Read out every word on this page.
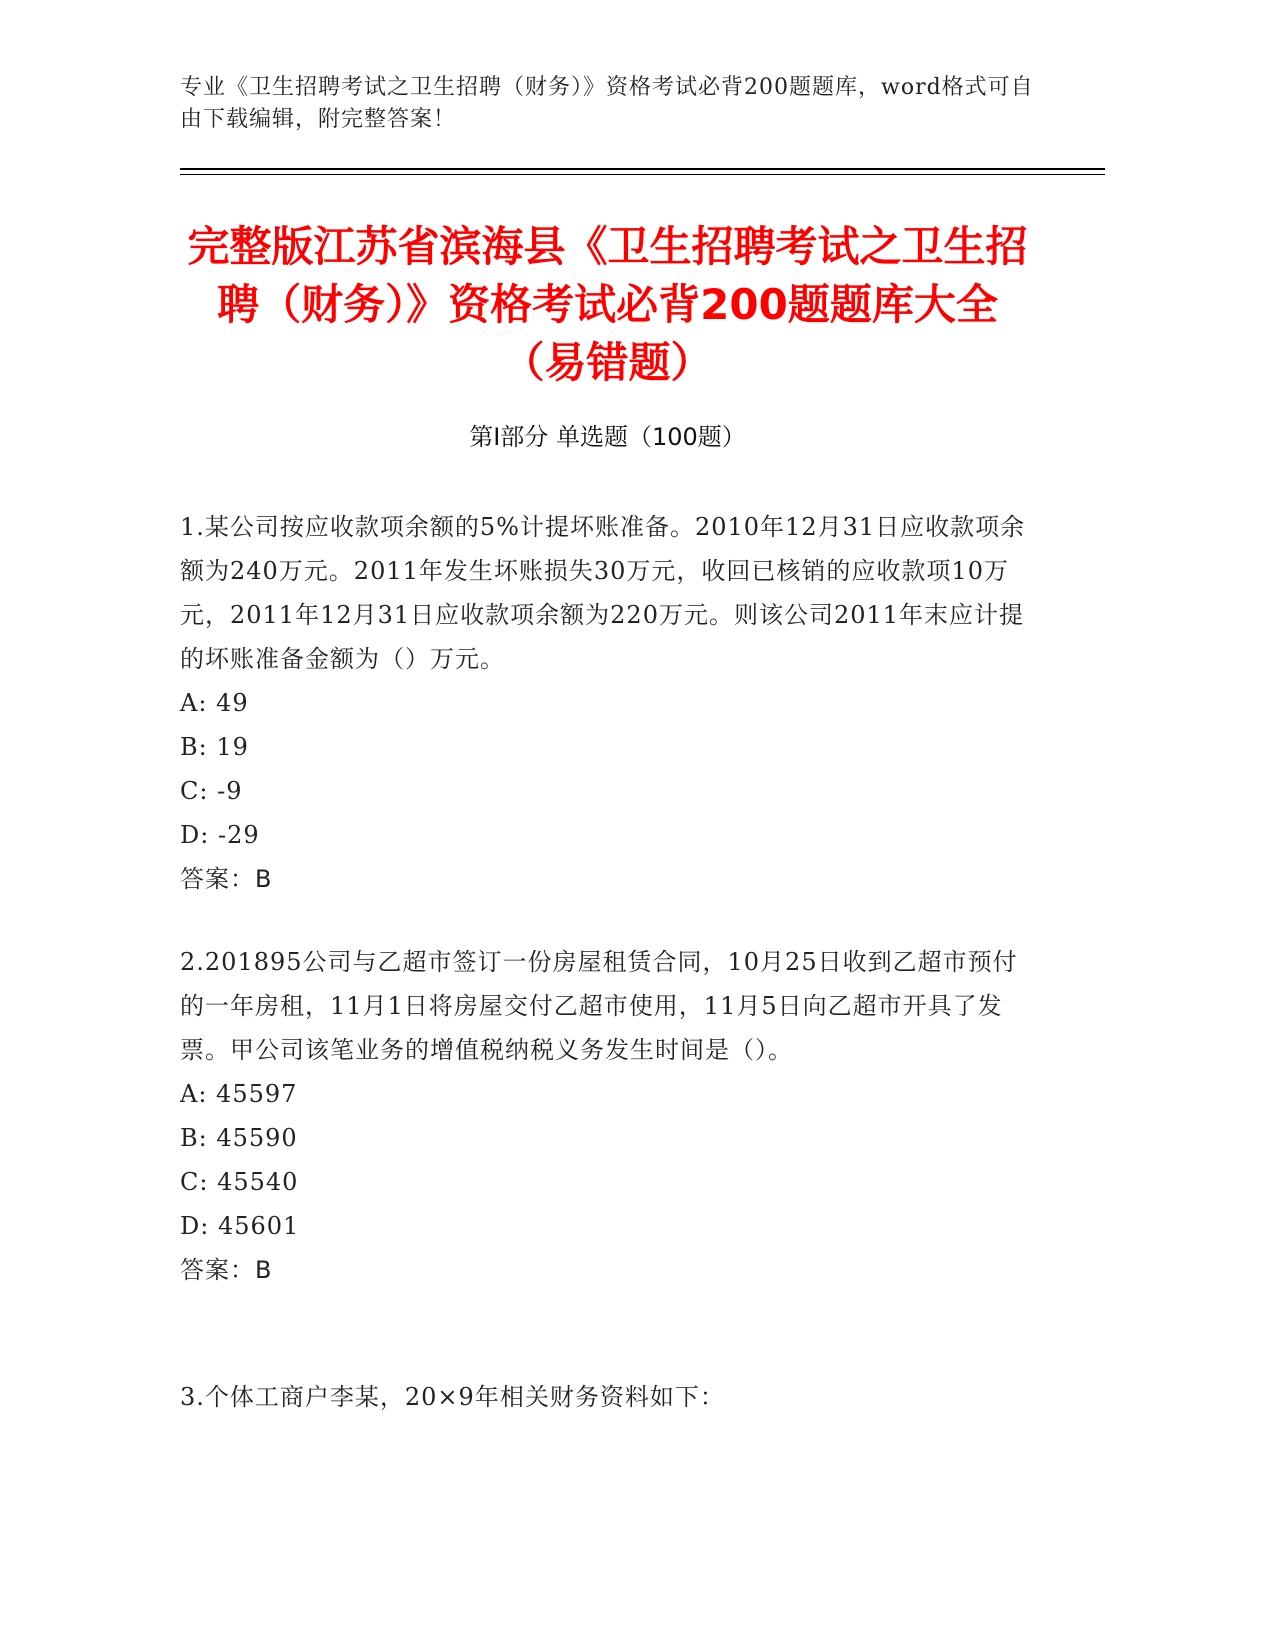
专业《卫生招聘考试之卫生招聘（财务）》资格考试必背200题题库，word格式可自由下载编辑，附完整答案！
完整版江苏省滨海县《卫生招聘考试之卫生招聘（财务）》资格考试必背200题题库大全（易错题）
第I部分 单选题（100题）

1.某公司按应收款项余额的5%计提坏账准备。2010年12月31日应收款项余额为240万元。2011年发生坏账损失30万元，收回已核销的应收款项10万元，2011年12月31日应收款项余额为220万元。则该公司2011年末应计提的坏账准备金额为（）万元。

A: 49

B: 19

C: -9

D: -29

答案：B

2.201895公司与乙超市签订一份房屋租赁合同，10月25日收到乙超市预付的一年房租，11月1日将房屋交付乙超市使用，11月5日向乙超市开具了发票。甲公司该笔业务的增值税纳税义务发生时间是（）。

A: 45597

B: 45590

C: 45540

D: 45601

答案：B

3.个体工商户李某，20×9年相关财务资料如下：
